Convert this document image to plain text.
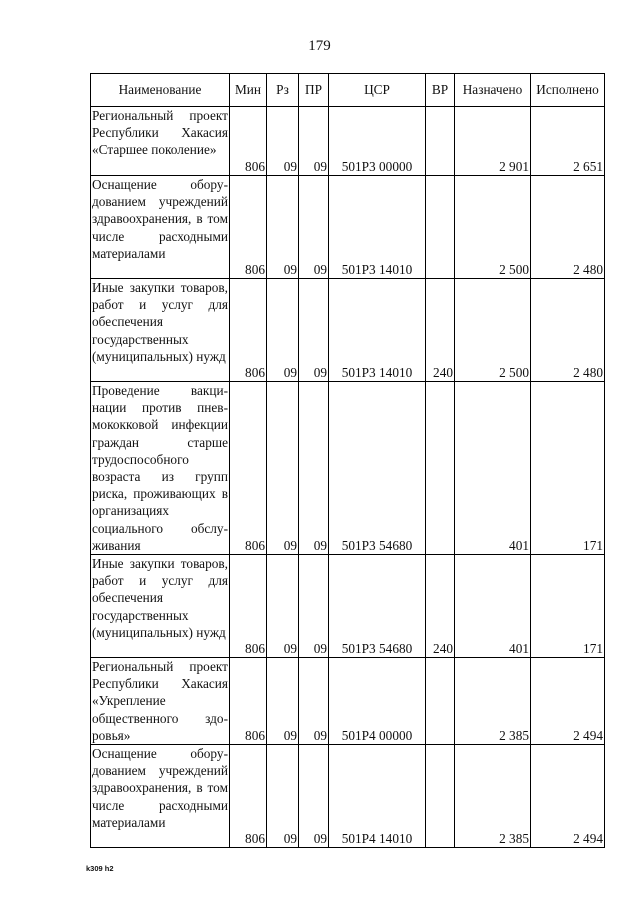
179
Наименование	Мин	Рз	ПР	ЦСР	ВР	Назначено	Исполнено
Региональный проект Республики Хакасия «Старшее поколение»	806	09	09	501Р3 00000		2 901	2 651
Оснащение оборудованием учреждений здравоохранения, в том числе расходными материалами	806	09	09	501Р3 14010		2 500	2 480
Иные закупки товаров, работ и услуг для обеспечения государственных (муниципальных) нужд	806	09	09	501Р3 14010	240	2 500	2 480
Проведение вакцинации против пневмококковой инфекции граждан старше трудоспособного возраста из групп риска, проживающих в организациях социального обслуживания	806	09	09	501Р3 54680		401	171
Иные закупки товаров, работ и услуг для обеспечения государственных (муниципальных) нужд	806	09	09	501Р3 54680	240	401	171
Региональный проект Республики Хакасия «Укрепление общественного здоровья»	806	09	09	501Р4 00000		2 385	2 494
Оснащение оборудованием учреждений здравоохранения, в том числе расходными материалами	806	09	09	501Р4 14010		2 385	2 494
k309 h2
